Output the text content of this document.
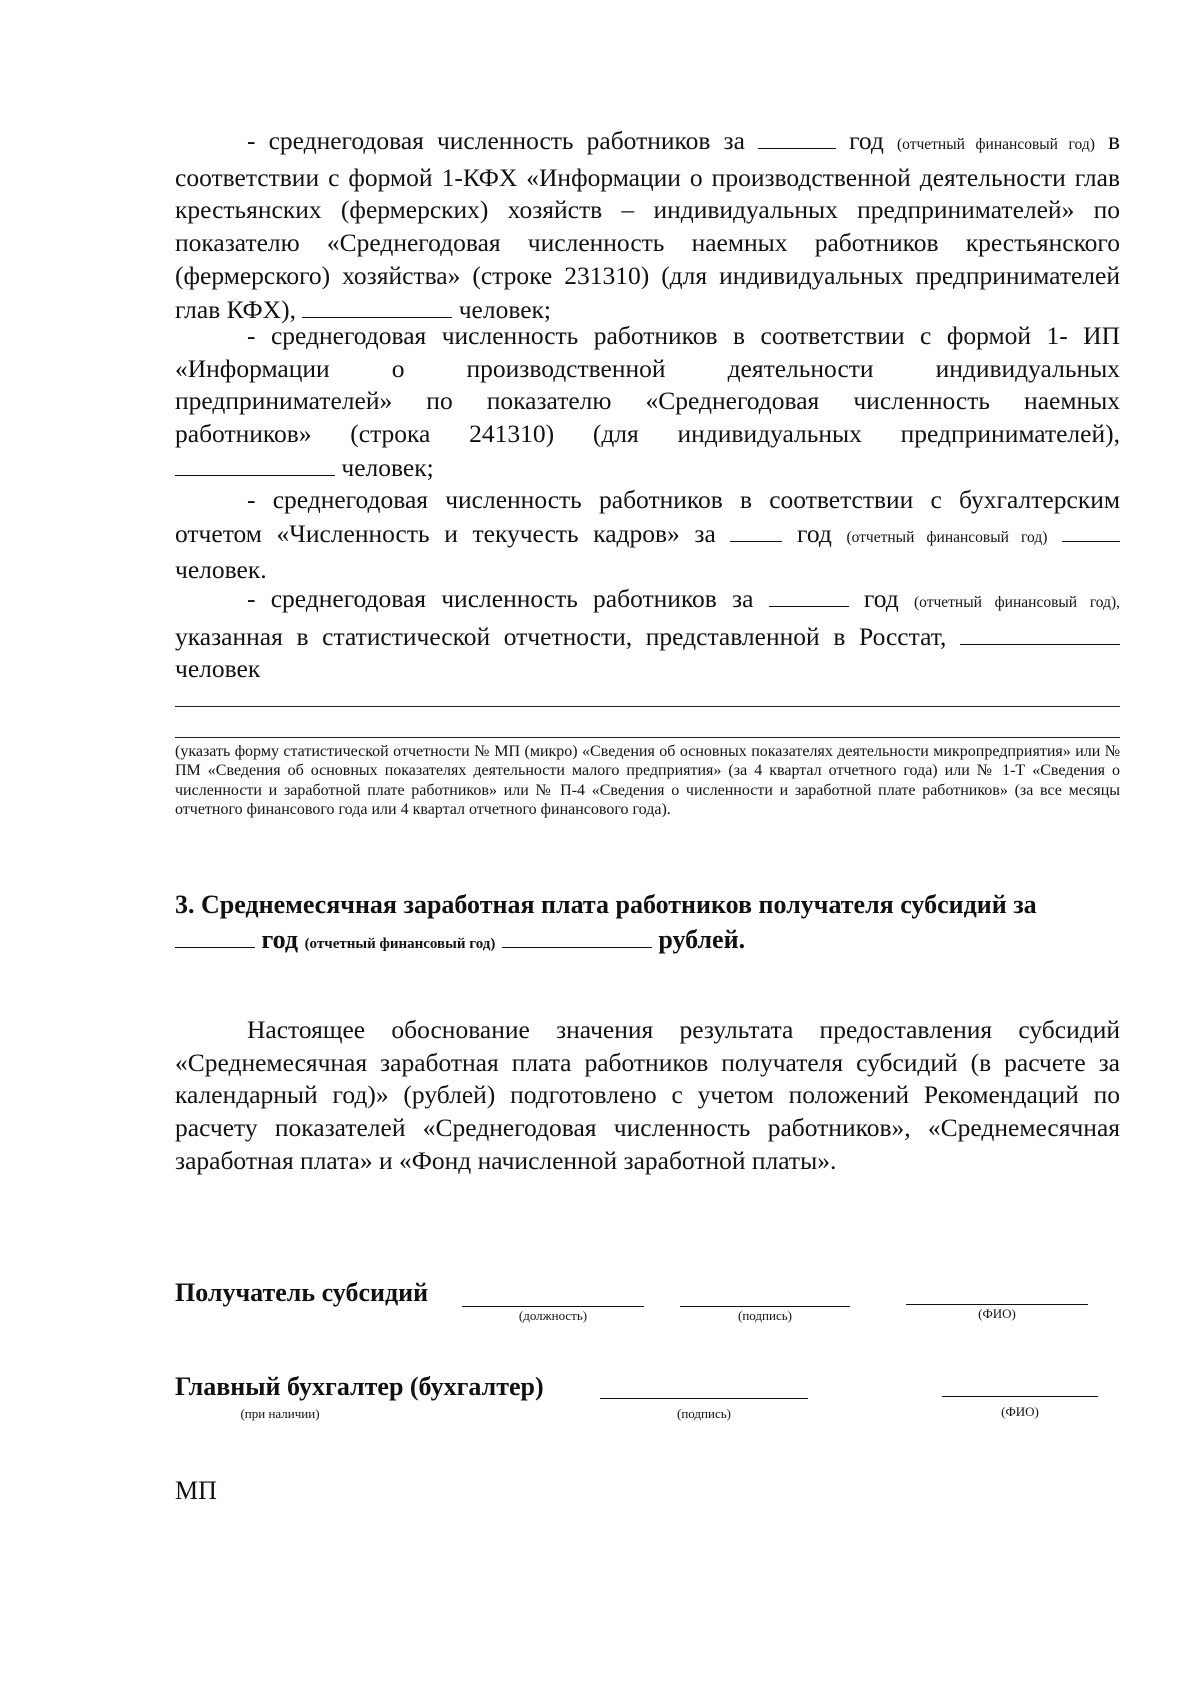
- среднегодовая численность работников за	год (отчетный финансовый год) в соответствии с формой 1-КФХ «Информации о производственной деятельности глав крестьянских (фермерских) хозяйств – индивидуальных предпринимателей» по показателю «Среднегодовая численность наемных работников крестьянского (фермерского) хозяйства» (строке 231310) (для индивидуальных предпринимателей глав КФХ),	человек;
- среднегодовая численность работников в соответствии с формой 1- ИП «Информации о производственной деятельности индивидуальных предпринимателей» по показателю «Среднегодовая численность наемных работников» (строка 241310) (для индивидуальных предпринимателей),  человек;
- среднегодовая численность работников в соответствии с бухгалтерским отчетом «Численность и текучесть кадров» за	год (отчетный финансовый год)  человек.
- среднегодовая численность работников за	год (отчетный финансовый год), указанная в статистической отчетности, представленной в Росстат,  человек
(указать форму статистической отчетности № МП (микро) «Сведения об основных показателях деятельности микропредприятия» или № ПМ «Сведения об основных показателях деятельности малого предприятия» (за 4 квартал отчетного года) или № 1-Т «Сведения о численности и заработной плате работников» или № П-4 «Сведения о численности и заработной плате работников» (за все месяцы отчетного финансового года или 4 квартал отчетного финансового года).
3. Среднемесячная заработная плата работников получателя субсидий за
год (отчетный финансовый год)	рублей.
Настоящее обоснование значения результата предоставления субсидий «Среднемесячная заработная плата работников получателя субсидий (в расчете за календарный год)» (рублей) подготовлено с учетом положений Рекомендаций по расчету показателей «Среднегодовая численность работников», «Среднемесячная заработная плата» и «Фонд начисленной заработной платы».
Получатель субсидий
(должность)	(подпись)	(ФИО)
Главный бухгалтер (бухгалтер)
(при наличии)	(подпись)	(ФИО)
МП
